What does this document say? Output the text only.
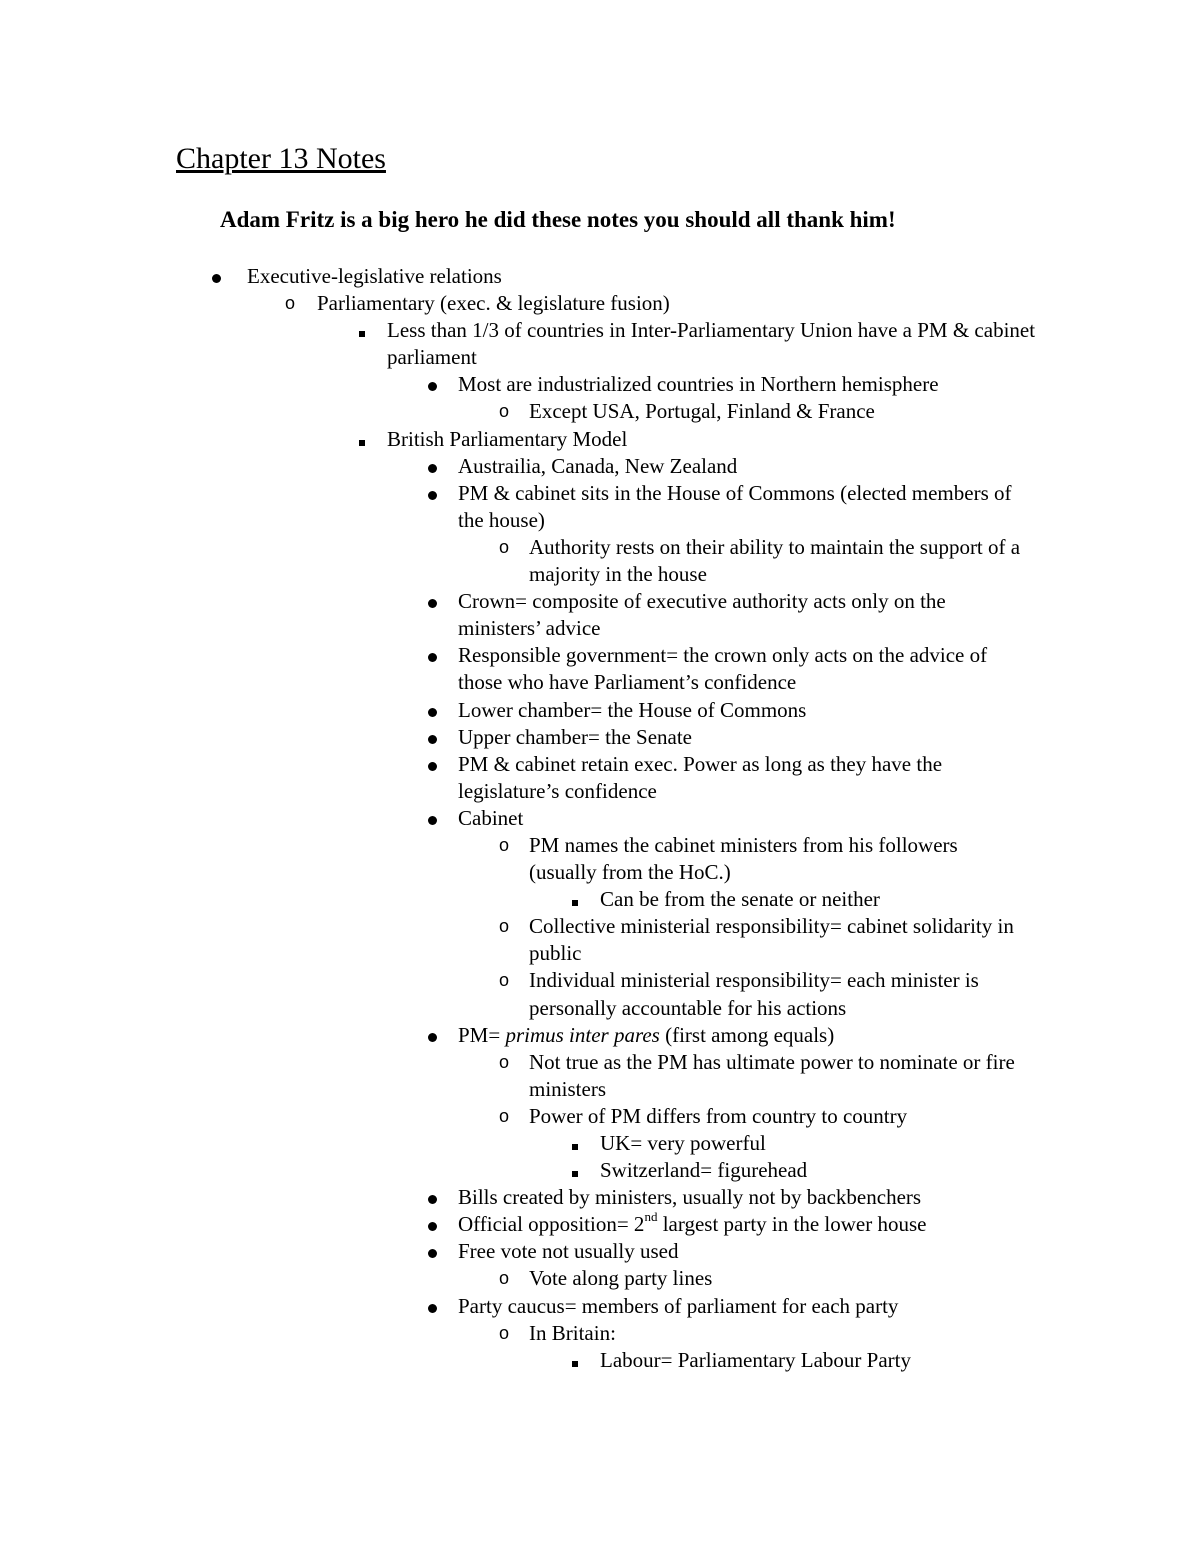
Chapter 13 Notes

Adam Fritz is a big hero he did these notes you should all thank him!

Executive-legislative relations
o Parliamentary (exec. & legislature fusion)
Less than 1/3 of countries in Inter-Parliamentary Union have a PM & cabinet parliament
Most are industrialized countries in Northern hemisphere
o Except USA, Portugal, Finland & France
British Parliamentary Model
Austrailia, Canada, New Zealand
PM & cabinet sits in the House of Commons (elected members of the house)
o Authority rests on their ability to maintain the support of a majority in the house
Crown= composite of executive authority acts only on the ministers’ advice
Responsible government= the crown only acts on the advice of those who have Parliament’s confidence
Lower chamber= the House of Commons
Upper chamber= the Senate
PM & cabinet retain exec. Power as long as they have the legislature’s confidence
Cabinet
o PM names the cabinet ministers from his followers (usually from the HoC.)
Can be from the senate or neither
o Collective ministerial responsibility= cabinet solidarity in public
o Individual ministerial responsibility= each minister is personally accountable for his actions
PM= primus inter pares (first among equals)
o Not true as the PM has ultimate power to nominate or fire ministers
o Power of PM differs from country to country
UK= very powerful
Switzerland= figurehead
Bills created by ministers, usually not by backbenchers
Official opposition= 2nd largest party in the lower house
Free vote not usually used
o Vote along party lines
Party caucus= members of parliament for each party
o In Britain:
Labour= Parliamentary Labour Party
